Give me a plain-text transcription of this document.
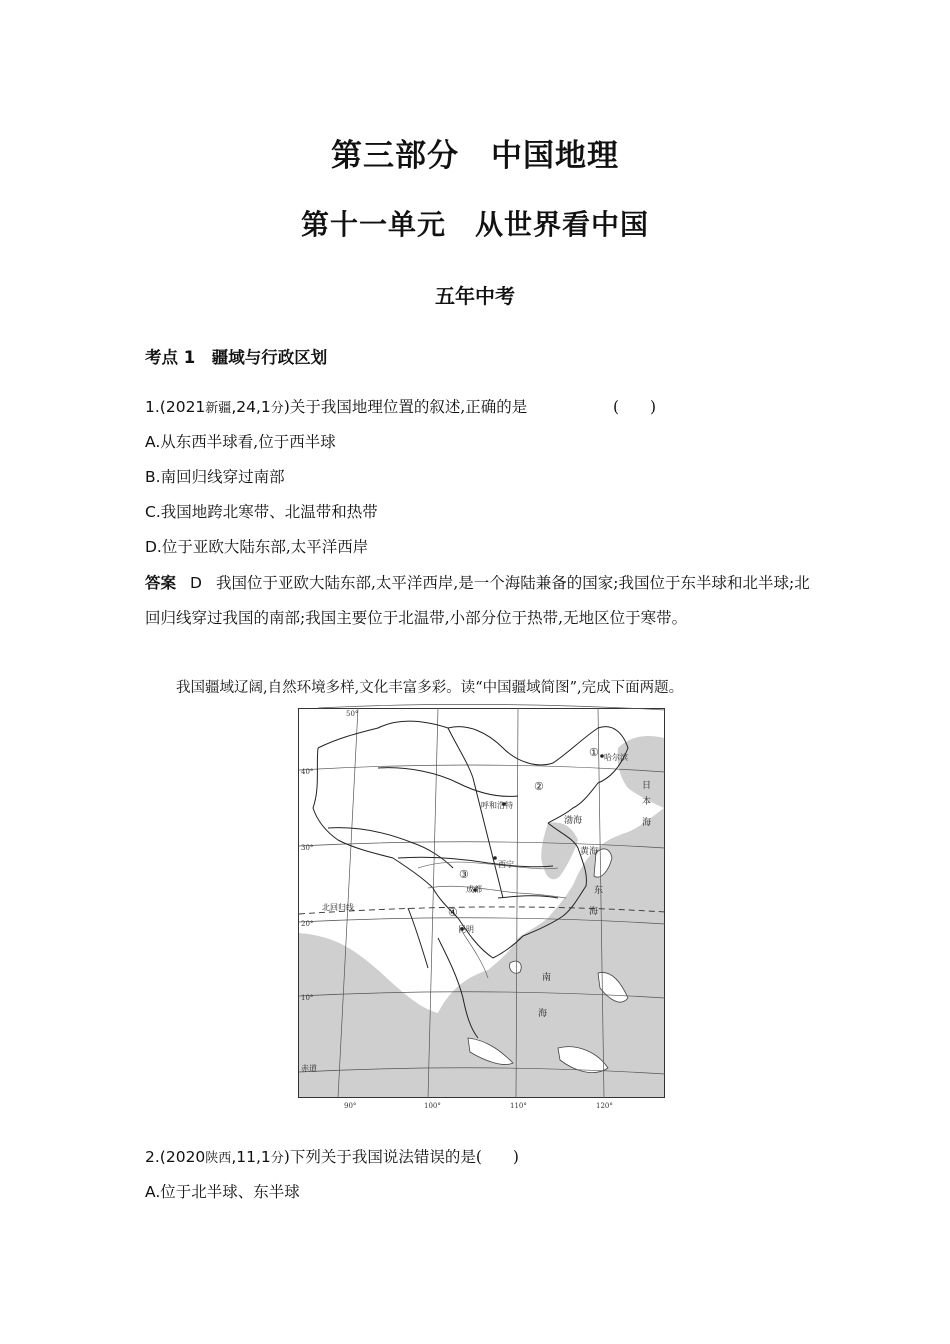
第三部分　中国地理
第十一单元　从世界看中国
五年中考
考点 1　疆域与行政区划
1.(2021新疆,24,1分)关于我国地理位置的叙述,正确的是	(　　)
A.从东西半球看,位于西半球
B.南回归线穿过南部
C.我国地跨北寒带、北温带和热带
D.位于亚欧大陆东部,太平洋西岸
答案 D 我国位于亚欧大陆东部,太平洋西岸,是一个海陆兼备的国家;我国位于东半球和北半球;北回归线穿过我国的南部;我国主要位于北温带,小部分位于热带,无地区位于寒带。
我国疆域辽阔,自然环境多样,文化丰富多彩。读“中国疆域简图”,完成下面两题。
50°
40°
30°
20°
10°
90°	100°	110°	120°
北回归线
赤道
①
②
③
④
哈尔滨
呼和浩特
成都
昆明
西宁
渤海
黄海
东
海
南
海
日
本
海
2.(2020陕西,11,1分)下列关于我国说法错误的是(　　)
A.位于北半球、东半球
